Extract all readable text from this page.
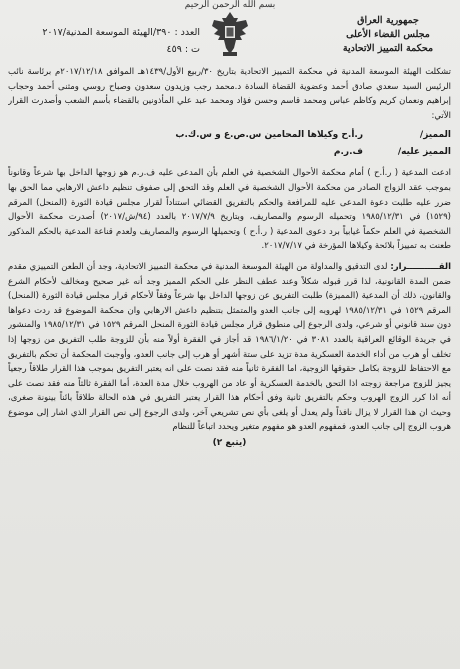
بسم الله الرحمن الرحيم
جمهورية العراق
مجلس القضاء الأعلى
محكمة التمييز الاتحادية
العدد : ٣٩٠/الهيئة الموسعة المدنية/٢٠١٧
ت : ٤٥٩

تشكلت الهيئة الموسعة المدنية في محكمة التمييز الاتحادية بتاريخ ٣٠/ربيع الأول/١٤٣٩هـ الموافق ٢٠١٧/١٢/١٨م برئاسة نائب الرئيس السيد سعدي صادق أحمد وعضوية القضاة السادة د.محمد رجب وزيدون سعدون وصباح روسي ومثنى أحمد وحجاب إبراهيم ونعمان كريم وكاظم عباس ومحمد قاسم وحسن فؤاد ومحمد عبد علي المأذونين بالقضاء بأسم الشعب وأصدرت القرار الآتي:

المميز/
ر.أ.ح وكيلاها المحامين س.ص.ع و س.ك.ب
المميز عليه/
ف.ر.م

ادعت المدعية ( ر.أ.ح ) أمام محكمة الأحوال الشخصية في العلم بأن المدعى عليه ف.ر.م هو زوجها الداخل بها شرعاً وقانوناً بموجب عقد الزواج الصادر من محكمة الأحوال الشخصية في العلم وقد التحق إلى صفوف تنظيم داعش الارهابي مما الحق بها ضرر عليه طلبت دعوة المدعى عليه للمرافعة والحكم بالتفريق القضائي استناداً لقرار مجلس قيادة الثورة (المنحل) المرقم (١٥٢٩) في ١٩٨٥/١٢/٣١ وتحميله الرسوم والمصاريف، وبتاريخ ٢٠١٧/٧/٩ بالعدد (٩٤/ش/٢٠١٧) أصدرت محكمة الأحوال الشخصية في العلم حكماً غيابياً برد دعوى المدعية ( ر.أ.ح ) وتحميلها الرسوم والمصاريف ولعدم قناعة المدعية بالحكم المذكور طعنت به تمييزاً بلائحة وكيلاها المؤرخة في ٢٠١٧/٧/١٧.

القـــــــــــرار: لدى التدقيق والمداولة من الهيئة الموسعة المدنية في محكمة التمييز الاتحادية، وجد أن الطعن التمييزي مقدم ضمن المدة القانونية، لذا قرر قبوله شكلاً وعند عطف النظر على الحكم المميز وجد أنه غير صحيح ومخالف لأحكام الشرع والقانون، ذلك أن المدعية (المميزة) طلبت التفريق عن زوجها الداخل بها شرعاً وفقاً لأحكام قرار مجلس قيادة الثورة (المنحل) المرقم ١٥٢٩ في ١٩٨٥/١٢/٣١ لهروبه إلى جانب العدو والمتمثل بتنظيم داعش الارهابي وان محكمة الموضوع قد ردت دعواها دون سند قانوني أو شرعي، ولدى الرجوع إلى منطوق قرار مجلس قيادة الثورة المنحل المرقم ١٥٢٩ في ١٩٨٥/١٢/٣١ والمنشور في جريدة الوقائع العراقية بالعدد ٣٠٨١ في ١٩٨٦/١/٢٠ قد أجاز في الفقرة أولاً منه بأن للزوجة طلب التفريق من زوجها إذا تخلف أو هرب من أداء الخدمة العسكرية مدة تزيد على ستة أشهر أو هرب إلى جانب العدو، وأوجبت المحكمة أن تحكم بالتفريق مع الاحتفاظ للزوجة بكامل حقوقها الزوجية، اما الفقرة ثانياً منه فقد نصت على انه يعتبر التفريق بموجب هذا القرار طلاقاً رجعياً يجيز للزوج مراجعة زوجته اذا التحق بالخدمة العسكرية أو عاد من الهروب خلال مدة العدة، أما الفقرة ثالثاً منه فقد نصت على أنه اذا كرر الزوج الهروب وحكم بالتفريق ثانية وفق أحكام هذا القرار يعتبر التفريق في هذه الحالة طلاقاً بائناً بينونة صغرى، وحيث ان هذا القرار لا يزال نافذاً ولم يعدل أو يلغى بأي نص تشريعي آخر، ولدى الرجوع إلى نص القرار الذي اشار إلى موضوع هروب الزوج إلى جانب العدو، فمفهوم العدو هو مفهوم متغير ويحدد اتباعاً للنظام

(يتبع ٢)
